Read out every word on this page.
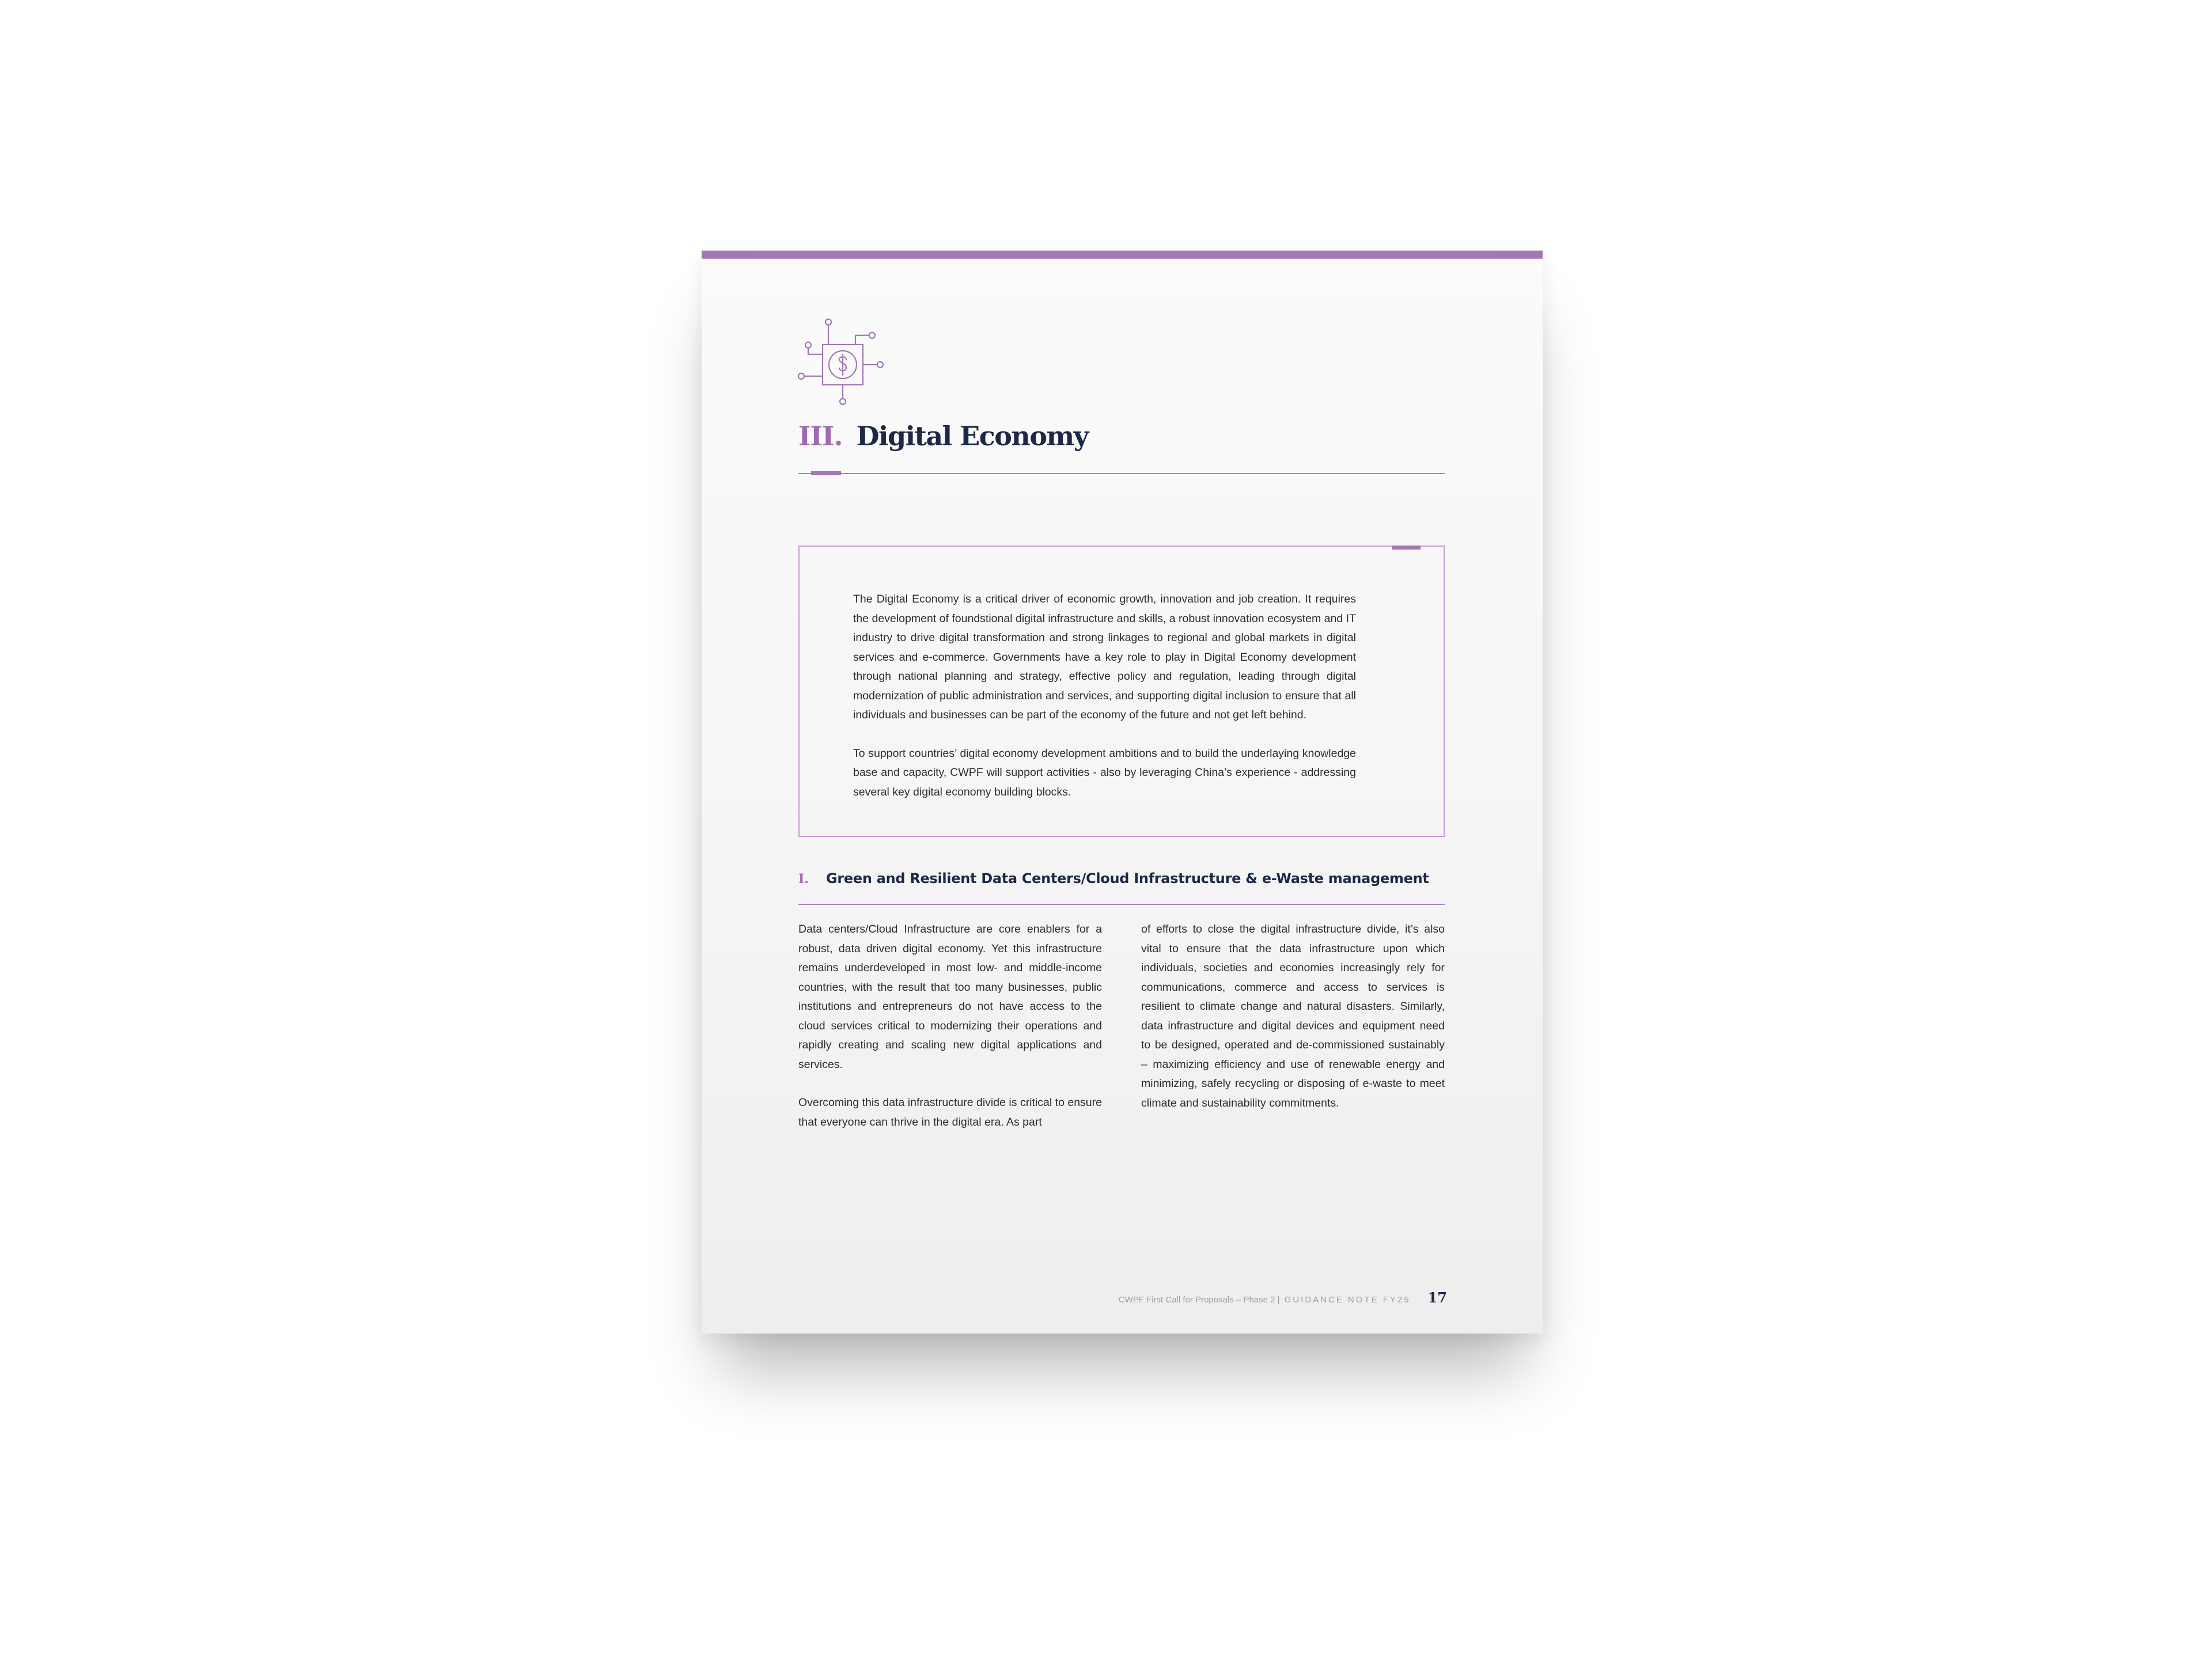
III. Digital Economy

The Digital Economy is a critical driver of economic growth, innovation and job creation. It requires the development of foundstional digital infrastructure and skills, a robust innovation ecosystem and IT industry to drive digital transformation and strong linkages to regional and global markets in digital services and e-commerce. Governments have a key role to play in Digital Economy development through national planning and strategy, effective policy and regulation, leading through digital modernization of public administration and services, and supporting digital inclusion to ensure that all individuals and businesses can be part of the economy of the future and not get left behind.

To support countries’ digital economy development ambitions and to build the underlaying knowledge base and capacity, CWPF will support activities - also by leveraging China’s experience - addressing several key digital economy building blocks.

I. Green and Resilient Data Centers/Cloud Infrastructure & e-Waste management

Data centers/Cloud Infrastructure are core enablers for a robust, data driven digital economy. Yet this infrastructure remains underdeveloped in most low- and middle-income countries, with the result that too many businesses, public institutions and entrepreneurs do not have access to the cloud services critical to modernizing their operations and rapidly creating and scaling new digital applications and services.

Overcoming this data infrastructure divide is critical to ensure that everyone can thrive in the digital era. As part

of efforts to close the digital infrastructure divide, it’s also vital to ensure that the data infrastructure upon which individuals, societies and economies increasingly rely for communications, commerce and access to services is resilient to climate change and natural disasters. Similarly, data infrastructure and digital devices and equipment need to be designed, operated and de-commissioned sustainably – maximizing efficiency and use of renewable energy and minimizing, safely recycling or disposing of e-waste to meet climate and sustainability commitments.

CWPF First Call for Proposals – Phase 2 | GUIDANCE NOTE FY25 17
